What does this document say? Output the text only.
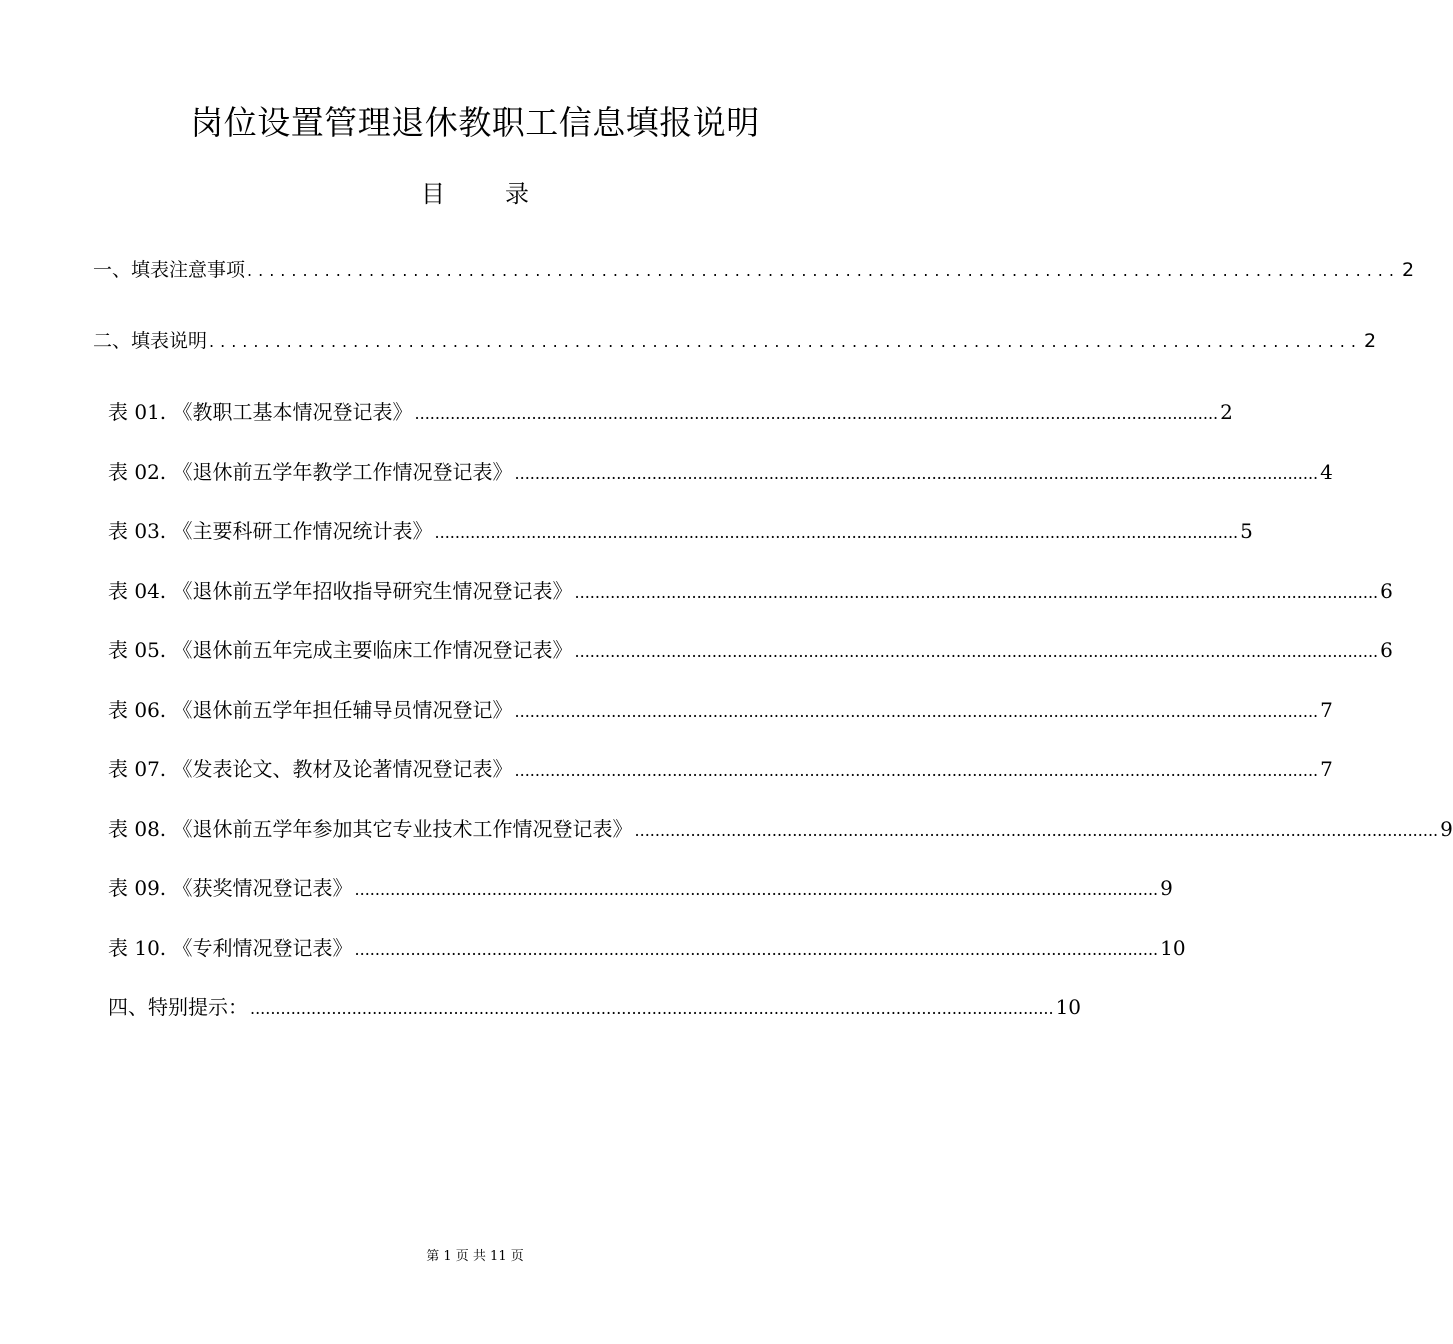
岗位设置管理退休教职工信息填报说明
目	录
一、填表注意事项 ........................................................................................................ 2
二、填表说明 ........................................................................................................ 2
表 01. 《教职工基本情况登记表》 .............................................................................................................................................................. 2
表 02. 《退休前五学年教学工作情况登记表》 .............................................................................................................................................................. 4
表 03. 《主要科研工作情况统计表》 .............................................................................................................................................................. 5
表 04. 《退休前五学年招收指导研究生情况登记表》 .............................................................................................................................................................. 6
表 05. 《退休前五年完成主要临床工作情况登记表》 .............................................................................................................................................................. 6
表 06. 《退休前五学年担任辅导员情况登记》 .............................................................................................................................................................. 7
表 07. 《发表论文、教材及论著情况登记表》 .............................................................................................................................................................. 7
表 08. 《退休前五学年参加其它专业技术工作情况登记表》 .............................................................................................................................................................. 9
表 09. 《获奖情况登记表》 .............................................................................................................................................................. 9
表 10. 《专利情况登记表》 .............................................................................................................................................................. 10
四、特别提示： .............................................................................................................................................................. 10
第 1 页 共 11 页
